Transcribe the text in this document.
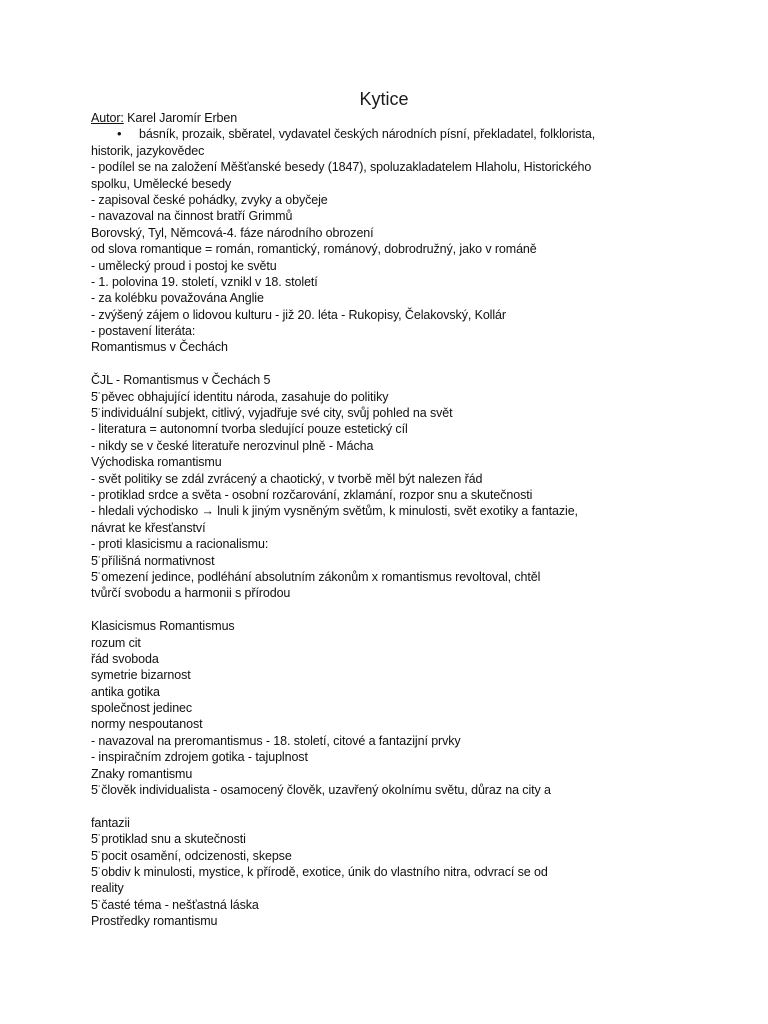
Kytice
Autor: Karel Jaromír Erben
• básník, prozaik, sběratel, vydavatel českých národních písní, překladatel, folklorista,
historik, jazykovědec
- podílel se na založení Měšťanské besedy (1847), spoluzakladatelem Hlaholu, Historického
spolku, Umělecké besedy
- zapisoval české pohádky, zvyky a obyčeje
- navazoval na činnost bratří Grimmů
Borovský, Tyl, Němcová-4. fáze národního obrození
od slova romantique = román, romantický, románový, dobrodružný, jako v románě
- umělecký proud i postoj ke světu
- 1. polovina 19. století, vznikl v 18. století
- za kolébku považována Anglie
- zvýšený zájem o lidovou kulturu - již 20. léta - Rukopisy, Čelakovský, Kollár
- postavení literáta:
Romantismus v Čechách
ČJL - Romantismus v Čechách 5
5̈ pěvec obhajující identitu národa, zasahuje do politiky
5̈ individuální subjekt, citlivý, vyjadřuje své city, svůj pohled na svět
- literatura = autonomní tvorba sledující pouze estetický cíl
- nikdy se v české literatuře nerozvinul plně - Mácha
Východiska romantismu
- svět politiky se zdál zvrácený a chaotický, v tvorbě měl být nalezen řád
- protiklad srdce a světa - osobní rozčarování, zklamání, rozpor snu a skutečnosti
- hledali východisko → lnuli k jiným vysněným světům, k minulosti, svět exotiky a fantazie,
návrat ke křesťanství
- proti klasicismu a racionalismu:
5̈ přílišná normativnost
5̈ omezení jedince, podléhání absolutním zákonům x romantismus revoltoval, chtěl
tvůrčí svobodu a harmonii s přírodou
Klasicismus Romantismus
rozum cit
řád svoboda
symetrie bizarnost
antika gotika
společnost jedinec
normy nespoutanost
- navazoval na preromantismus - 18. století, citové a fantazijní prvky
- inspiračním zdrojem gotika - tajuplnost
Znaky romantismu
5̈ člověk individualista - osamocený člověk, uzavřený okolnímu světu, důraz na city a
fantazii
5̈ protiklad snu a skutečnosti
5̈ pocit osamění, odcizenosti, skepse
5̈ obdiv k minulosti, mystice, k přírodě, exotice, únik do vlastního nitra, odvrací se od
reality
5̈ časté téma - nešťastná láska
Prostředky romantismu
